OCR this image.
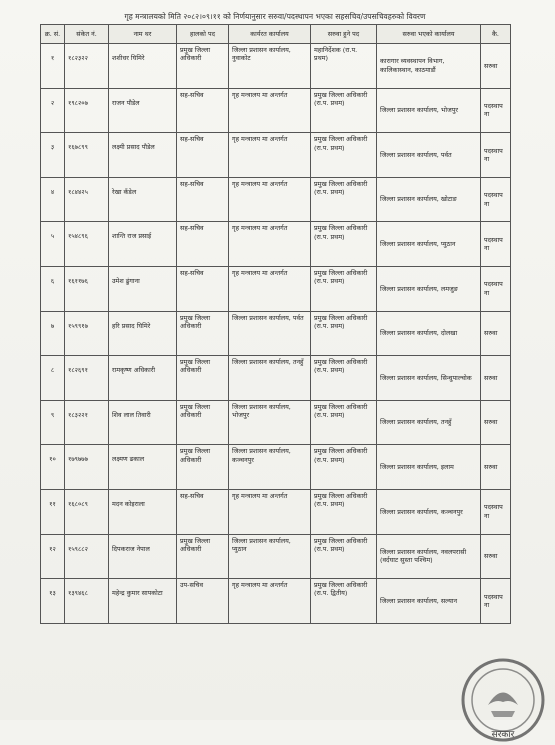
गृह मन्त्रालयको मिति २०८२।०९।११ को निर्णयानुसार सरुवा/पदस्थापन भएका सहसचिव/उपसचिवहरुको विवरण
क्र. सं.	संकेत नं.	नाम थर	हालको पद	कार्यरत कार्यालय	सरुवा हुने पद	सरुवा भएको कार्यालय	कै.
१	१८२३२२	शशीधर घिमिरे	प्रमुख जिल्ला अधिकारी	जिल्ला प्रशासन कार्यालय, नुवाकोट	महानिर्देशक (रा.प. प्रथम)	कारागार व्यवस्थापन विभाग, कालिकास्थान, काठमाडौं	सरुवा
२	१९८२०७	राजन पौडेल	सह-सचिव	गृह मन्त्रालय मा अन्तर्गत	प्रमुख जिल्ला अधिकारी (रा.प. प्रथम)	जिल्ला प्रशासन कार्यालय, भोजपुर	पदस्थापना
३	१६७८९९	लक्ष्मी प्रसाद पौडेल	सह-सचिव	गृह मन्त्रालय मा अन्तर्गत	प्रमुख जिल्ला अधिकारी (रा.प. प्रथम)	जिल्ला प्रशासन कार्यालय, पर्वत	पदस्थापना
४	१८४४२५	रेखा कँडेल	सह-सचिव	गृह मन्त्रालय मा अन्तर्गत	प्रमुख जिल्ला अधिकारी (रा.प. प्रथम)	जिल्ला प्रशासन कार्यालय, खोटाङ	पदस्थापना
५	१५४८९६	शान्ति राज प्रसाई	सह-सचिव	गृह मन्त्रालय मा अन्तर्गत	प्रमुख जिल्ला अधिकारी (रा.प. प्रथम)	जिल्ला प्रशासन कार्यालय, प्युठान	पदस्थापना
६	१६११७६	उमेश ढुंगाना	सह-सचिव	गृह मन्त्रालय मा अन्तर्गत	प्रमुख जिल्ला अधिकारी (रा.प. प्रथम)	जिल्ला प्रशासन कार्यालय, लमजुङ	पदस्थापना
७	१५९९१७	हरि प्रसाद घिमिरे	प्रमुख जिल्ला अधिकारी	जिल्ला प्रशासन कार्यालय, पर्वत	प्रमुख जिल्ला अधिकारी (रा.प. प्रथम)	जिल्ला प्रशासन कार्यालय, दोलखा	सरुवा
८	१८२६९१	रामकृष्ण अधिकारी	प्रमुख जिल्ला अधिकारी	जिल्ला प्रशासन कार्यालय, तनहुँ	प्रमुख जिल्ला अधिकारी (रा.प. प्रथम)	जिल्ला प्रशासन कार्यालय, सिन्धुपाल्चोक	सरुवा
९	१८३२२१	शिव लाल तिवारी	प्रमुख जिल्ला अधिकारी	जिल्ला प्रशासन कार्यालय, भोजपुर	प्रमुख जिल्ला अधिकारी (रा.प. प्रथम)	जिल्ला प्रशासन कार्यालय, तनहुँ	सरुवा
१०	१७९७७७	लक्ष्मण ढकाल	प्रमुख जिल्ला अधिकारी	जिल्ला प्रशासन कार्यालय, कञ्चनपुर	प्रमुख जिल्ला अधिकारी (रा.प. प्रथम)	जिल्ला प्रशासन कार्यालय, इलाम	सरुवा
११	१६८०८९	मदन कोइराला	सह-सचिव	गृह मन्त्रालय मा अन्तर्गत	प्रमुख जिल्ला अधिकारी (रा.प. प्रथम)	जिल्ला प्रशासन कार्यालय, कञ्चनपुर	पदस्थापना
१२	१५९८८२	दिपकराज नेपाल	प्रमुख जिल्ला अधिकारी	जिल्ला प्रशासन कार्यालय, प्युठान	प्रमुख जिल्ला अधिकारी (रा.प. प्रथम)	जिल्ला प्रशासन कार्यालय, नवलपरासी (वर्दघाट सुस्ता पश्चिम)	सरुवा
१३	१३९४६८	महेन्द्र कुमार सापकोटा	उप-सचिव	गृह मन्त्रालय मा अन्तर्गत	प्रमुख जिल्ला अधिकारी (रा.प. द्वितीय)	जिल्ला प्रशासन कार्यालय, सल्यान	पदस्थापना
सरकार
